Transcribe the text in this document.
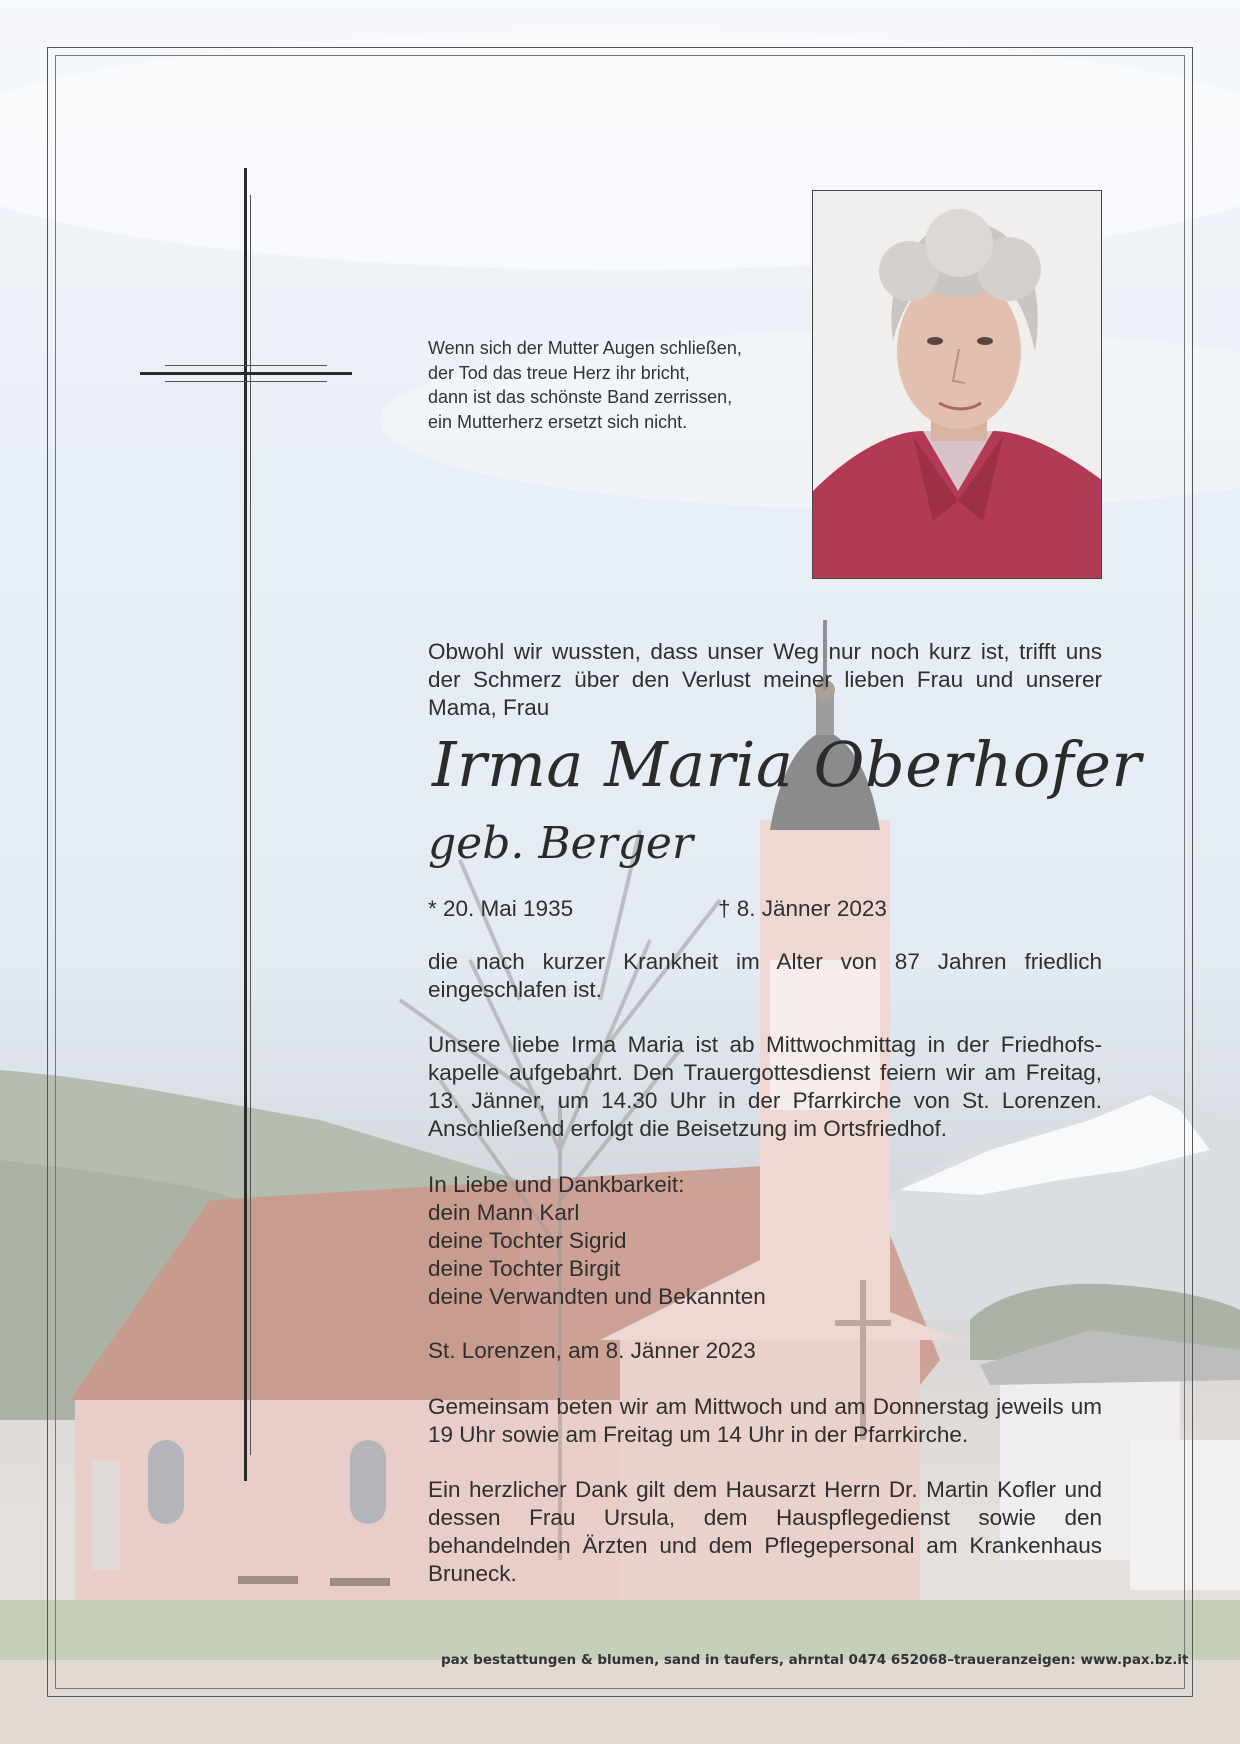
Wenn sich der Mutter Augen schließen,
der Tod das treue Herz ihr bricht,
dann ist das schönste Band zerrissen,
ein Mutterherz ersetzt sich nicht.
Obwohl wir wussten, dass unser Weg nur noch kurz ist, trifft uns der Schmerz über den Verlust meiner lieben Frau und unserer Mama, Frau
Irma Maria Oberhofer
geb. Berger
* 20. Mai 1935	† 8. Jänner 2023
die nach kurzer Krankheit im Alter von 87 Jahren friedlich eingeschlafen ist.
Unsere liebe Irma Maria ist ab Mittwochmittag in der Friedhofs-kapelle aufgebahrt. Den Trauergottesdienst feiern wir am Freitag, 13. Jänner, um 14.30 Uhr in der Pfarrkirche von St. Lorenzen. Anschließend erfolgt die Beisetzung im Ortsfriedhof.
In Liebe und Dankbarkeit:
dein Mann Karl
deine Tochter Sigrid
deine Tochter Birgit
deine Verwandten und Bekannten
St. Lorenzen, am 8. Jänner 2023
Gemeinsam beten wir am Mittwoch und am Donnerstag jeweils um 19 Uhr sowie am Freitag um 14 Uhr in der Pfarrkirche.
Ein herzlicher Dank gilt dem Hausarzt Herrn Dr. Martin Kofler und dessen Frau Ursula, dem Hauspflegedienst sowie den behandelnden Ärzten und dem Pflegepersonal am Krankenhaus Bruneck.
pax bestattungen & blumen, sand in taufers, ahrntal 0474 652068–traueranzeigen: www.pax.bz.it
